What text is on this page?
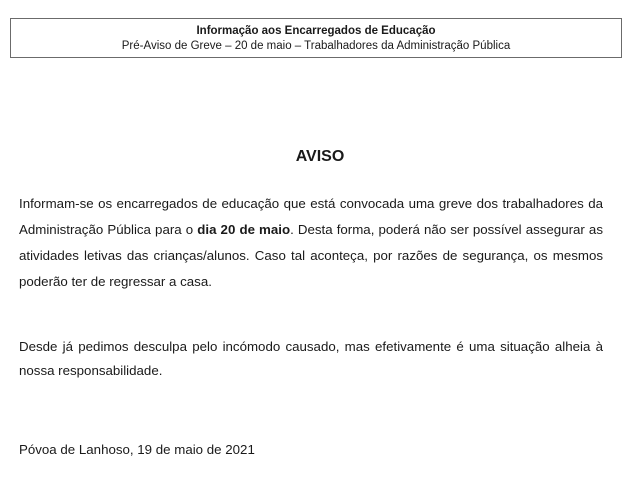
Informação aos Encarregados de Educação
Pré-Aviso de Greve – 20 de maio – Trabalhadores da Administração Pública
AVISO

Informam-se os encarregados de educação que está convocada uma greve dos trabalhadores da Administração Pública para o dia 20 de maio. Desta forma, poderá não ser possível assegurar as atividades letivas das crianças/alunos. Caso tal aconteça, por razões de segurança, os mesmos poderão ter de regressar a casa.

Desde já pedimos desculpa pelo incómodo causado, mas efetivamente é uma situação alheia à nossa responsabilidade.

Póvoa de Lanhoso, 19 de maio de 2021
